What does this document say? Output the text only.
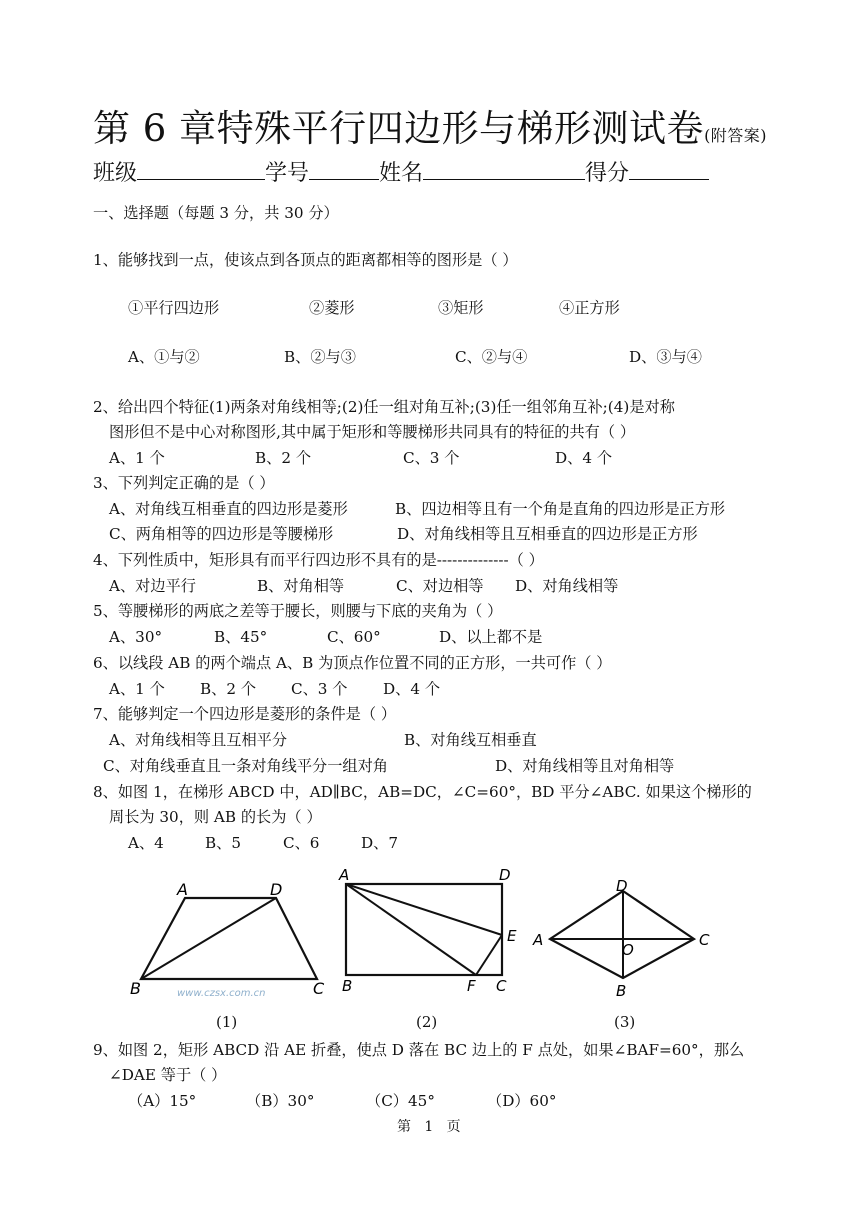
第 6 章特殊平行四边形与梯形测试卷(附答案)
班级	学号	姓名	得分
一、选择题（每题 3 分，共 30 分）
1、能够找到一点，使该点到各顶点的距离都相等的图形是（ ）
①平行四边形	②菱形	③矩形	④正方形
A、①与②	B、②与③	C、②与④	D、③与④
2、给出四个特征(1)两条对角线相等;(2)任一组对角互补;(3)任一组邻角互补;(4)是对称
图形但不是中心对称图形,其中属于矩形和等腰梯形共同具有的特征的共有（ ）
A、1 个	B、2 个	C、3 个	D、4 个
3、下列判定正确的是（ ）
A、对角线互相垂直的四边形是菱形	B、四边相等且有一个角是直角的四边形是正方形
C、两角相等的四边形是等腰梯形	D、对角线相等且互相垂直的四边形是正方形
4、下列性质中，矩形具有而平行四边形不具有的是--------------（ ）
A、对边平行	B、对角相等	C、对边相等 D、对角线相等
5、等腰梯形的两底之差等于腰长，则腰与下底的夹角为（ ）
A、30°	B、45°	C、60°	D、以上都不是
6、以线段 AB 的两个端点 A、B 为顶点作位置不同的正方形，一共可作（ ）
A、1 个 B、2 个 C、3 个 D、4 个
7、能够判定一个四边形是菱形的条件是（ ）
A、对角线相等且互相平分	B、对角线互相垂直
C、对角线垂直且一条对角线平分一组对角	D、对角线相等且对角相等
8、如图 1，在梯形 ABCD 中，AD∥BC，AB=DC，∠C=60°，BD 平分∠ABC. 如果这个梯形的
周长为 30，则 AB 的长为（ ）
A、4	B、5	C、6	D、7
A	D
B	C
www.czsx.com.cn
A	D
E
B	F C
D
A
O
C
B
(1)	(2)	(3)
9、如图 2，矩形 ABCD 沿 AE 折叠，使点 D 落在 BC 边上的 F 点处，如果∠BAF=60°，那么
∠DAE 等于（ ）
（A）15°	（B）30°	（C）45°	（D）60°
第   1   页
